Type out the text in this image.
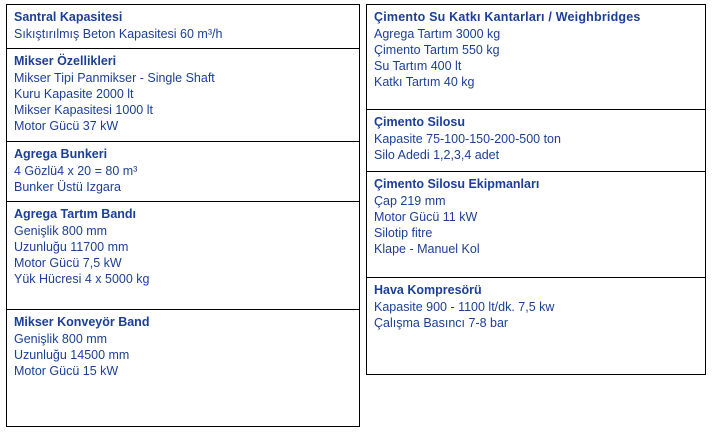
Santral Kapasitesi
Sıkıştırılmış Beton Kapasitesi 60 m³/h
Mikser Özellikleri
Mikser Tipi Panmikser - Single Shaft
Kuru Kapasite 2000 lt
Mikser Kapasitesi 1000 lt
Motor Gücü 37 kW
Agrega Bunkeri
4 Gözlü4 x 20 = 80 m³
Bunker Üstü Izgara
Agrega Tartım Bandı
Genişlik 800 mm
Uzunluğu 11700 mm
Motor Gücü 7,5 kW
Yük Hücresi 4 x 5000 kg
Mikser Konveyör Band
Genişlik 800 mm
Uzunluğu 14500 mm
Motor Gücü 15 kW
Çimento Su Katkı Kantarları / Weighbridges
Agrega Tartım 3000 kg
Çimento Tartım 550 kg
Su Tartım 400 lt
Katkı Tartım 40 kg
Çimento Silosu
Kapasite 75-100-150-200-500 ton
Silo Adedi 1,2,3,4 adet
Çimento Silosu Ekipmanları
Çap 219 mm
Motor Gücü 11 kW
Silotip fitre
Klape - Manuel Kol
Hava Kompresörü
Kapasite 900 - 1100 lt/dk. 7,5 kw
Çalışma Basıncı 7-8 bar
